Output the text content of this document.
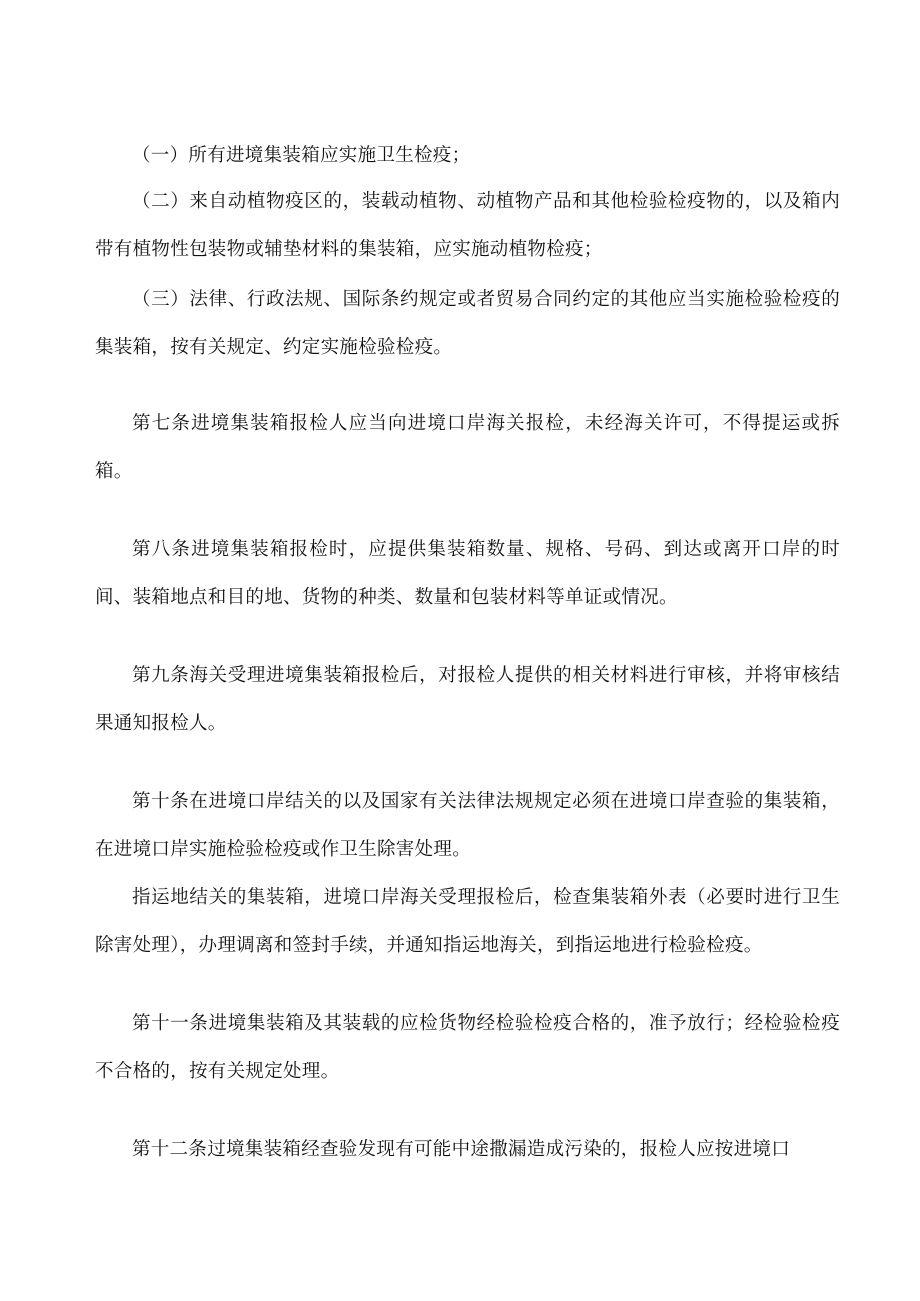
（一）所有进境集装箱应实施卫生检疫；

（二）来自动植物疫区的，装载动植物、动植物产品和其他检验检疫物的，以及箱内带有植物性包装物或辅垫材料的集装箱，应实施动植物检疫；

（三）法律、行政法规、国际条约规定或者贸易合同约定的其他应当实施检验检疫的集装箱，按有关规定、约定实施检验检疫。

第七条进境集装箱报检人应当向进境口岸海关报检，未经海关许可，不得提运或拆箱。

第八条进境集装箱报检时，应提供集装箱数量、规格、号码、到达或离开口岸的时间、装箱地点和目的地、货物的种类、数量和包装材料等单证或情况。

第九条海关受理进境集装箱报检后，对报检人提供的相关材料进行审核，并将审核结果通知报检人。

第十条在进境口岸结关的以及国家有关法律法规规定必须在进境口岸查验的集装箱，在进境口岸实施检验检疫或作卫生除害处理。

指运地结关的集装箱，进境口岸海关受理报检后，检查集装箱外表（必要时进行卫生除害处理），办理调离和签封手续，并通知指运地海关，到指运地进行检验检疫。

第十一条进境集装箱及其装载的应检货物经检验检疫合格的，准予放行；经检验检疫不合格的，按有关规定处理。

第十二条过境集装箱经查验发现有可能中途撒漏造成污染的，报检人应按进境口
